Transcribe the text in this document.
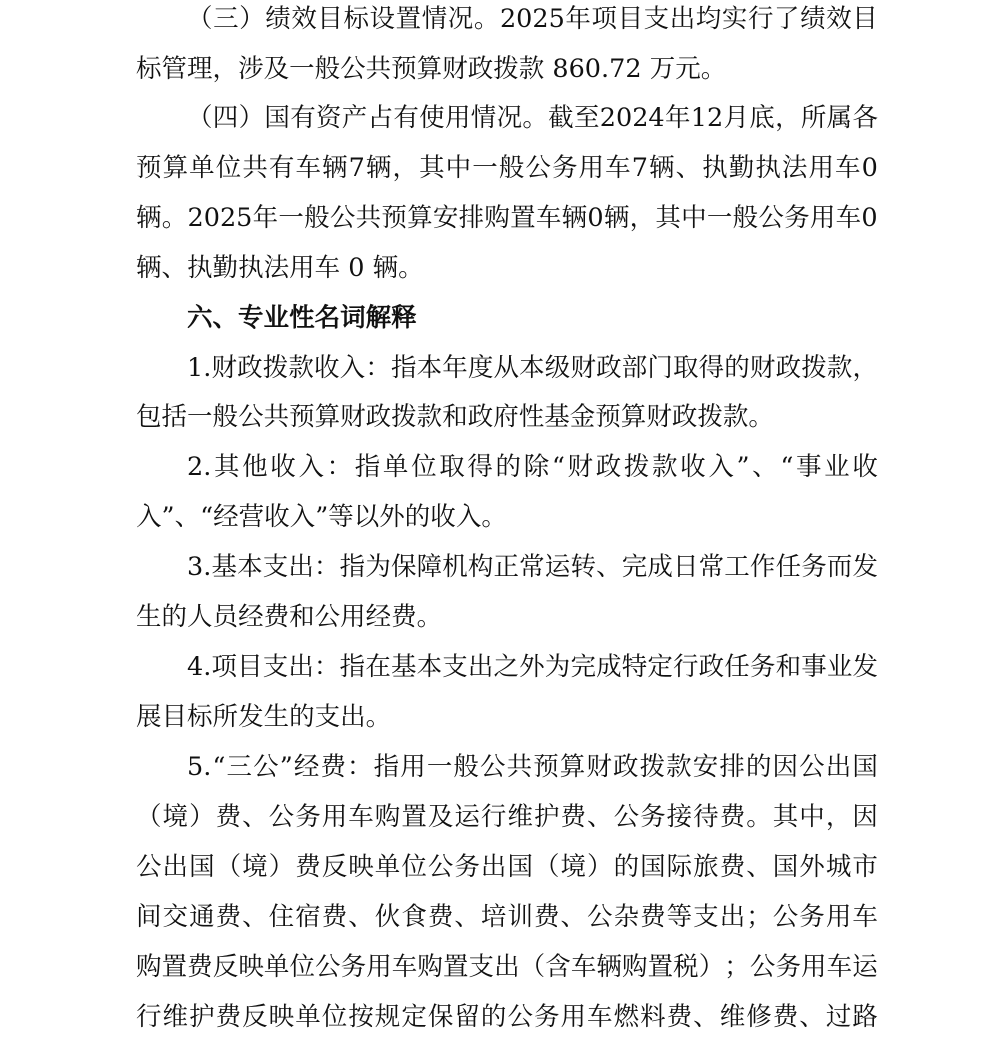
（ 三 ） 绩 效 目 标 设 置 情 况 。 2025 年 项 目 支 出 均 实 行 了 绩 效 目
标 管 理 ， 涉 及 一 般 公 共 预 算 财 政 拨 款
860.72
万 元 。
（ 四 ） 国 有 资 产 占 有 使 用 情 况 。 截 至 2024 年 12 月 底 ， 所 属 各
预 算 单 位 共 有 车 辆 7 辆 ， 其 中 一 般 公 务 用 车 7 辆 、 执 勤 执 法 用 车 0
辆 。 2025 年 一 般 公 共 预 算 安 排 购 置 车 辆 0 辆 ， 其 中 一 般 公 务 用 车 0
辆 、 执 勤 执 法 用 车
0
辆 。
六 、 专 业 性 名 词 解 释
1. 财 政 拨 款 收 入 ： 指 本 年 度 从 本 级 财 政 部 门 取 得 的 财 政 拨 款 ，
包 括 一 般 公 共 预 算 财 政 拨 款 和 政 府 性 基 金 预 算 财 政 拨 款 。
2. 其 他 收 入 ： 指 单 位 取 得 的 除 “ 财 政 拨 款 收 入 ” 、 “ 事 业 收
入 ” 、 “ 经 营 收 入 ” 等 以 外 的 收 入 。
3. 基 本 支 出 ： 指 为 保 障 机 构 正 常 运 转 、 完 成 日 常 工 作 任 务 而 发
生 的 人 员 经 费 和 公 用 经 费 。
4. 项 目 支 出 ： 指 在 基 本 支 出 之 外 为 完 成 特 定 行 政 任 务 和 事 业 发
展 目 标 所 发 生 的 支 出 。
5. “ 三 公 ” 经 费 ： 指 用 一 般 公 共 预 算 财 政 拨 款 安 排 的 因 公 出 国
（ 境 ） 费 、 公 务 用 车 购 置 及 运 行 维 护 费 、 公 务 接 待 费 。 其 中 ， 因
公 出 国 （ 境 ） 费 反 映 单 位 公 务 出 国 （ 境 ） 的 国 际 旅 费 、 国 外 城 市
间 交 通 费 、 住 宿 费 、 伙 食 费 、 培 训 费 、 公 杂 费 等 支 出 ； 公 务 用 车
购 置 费 反 映 单 位 公 务 用 车 购 置 支 出 （ 含 车 辆 购 置 税 ） ； 公 务 用 车 运
行 维 护 费 反 映 单 位 按 规 定 保 留 的 公 务 用 车 燃 料 费 、 维 修 费 、 过 路
